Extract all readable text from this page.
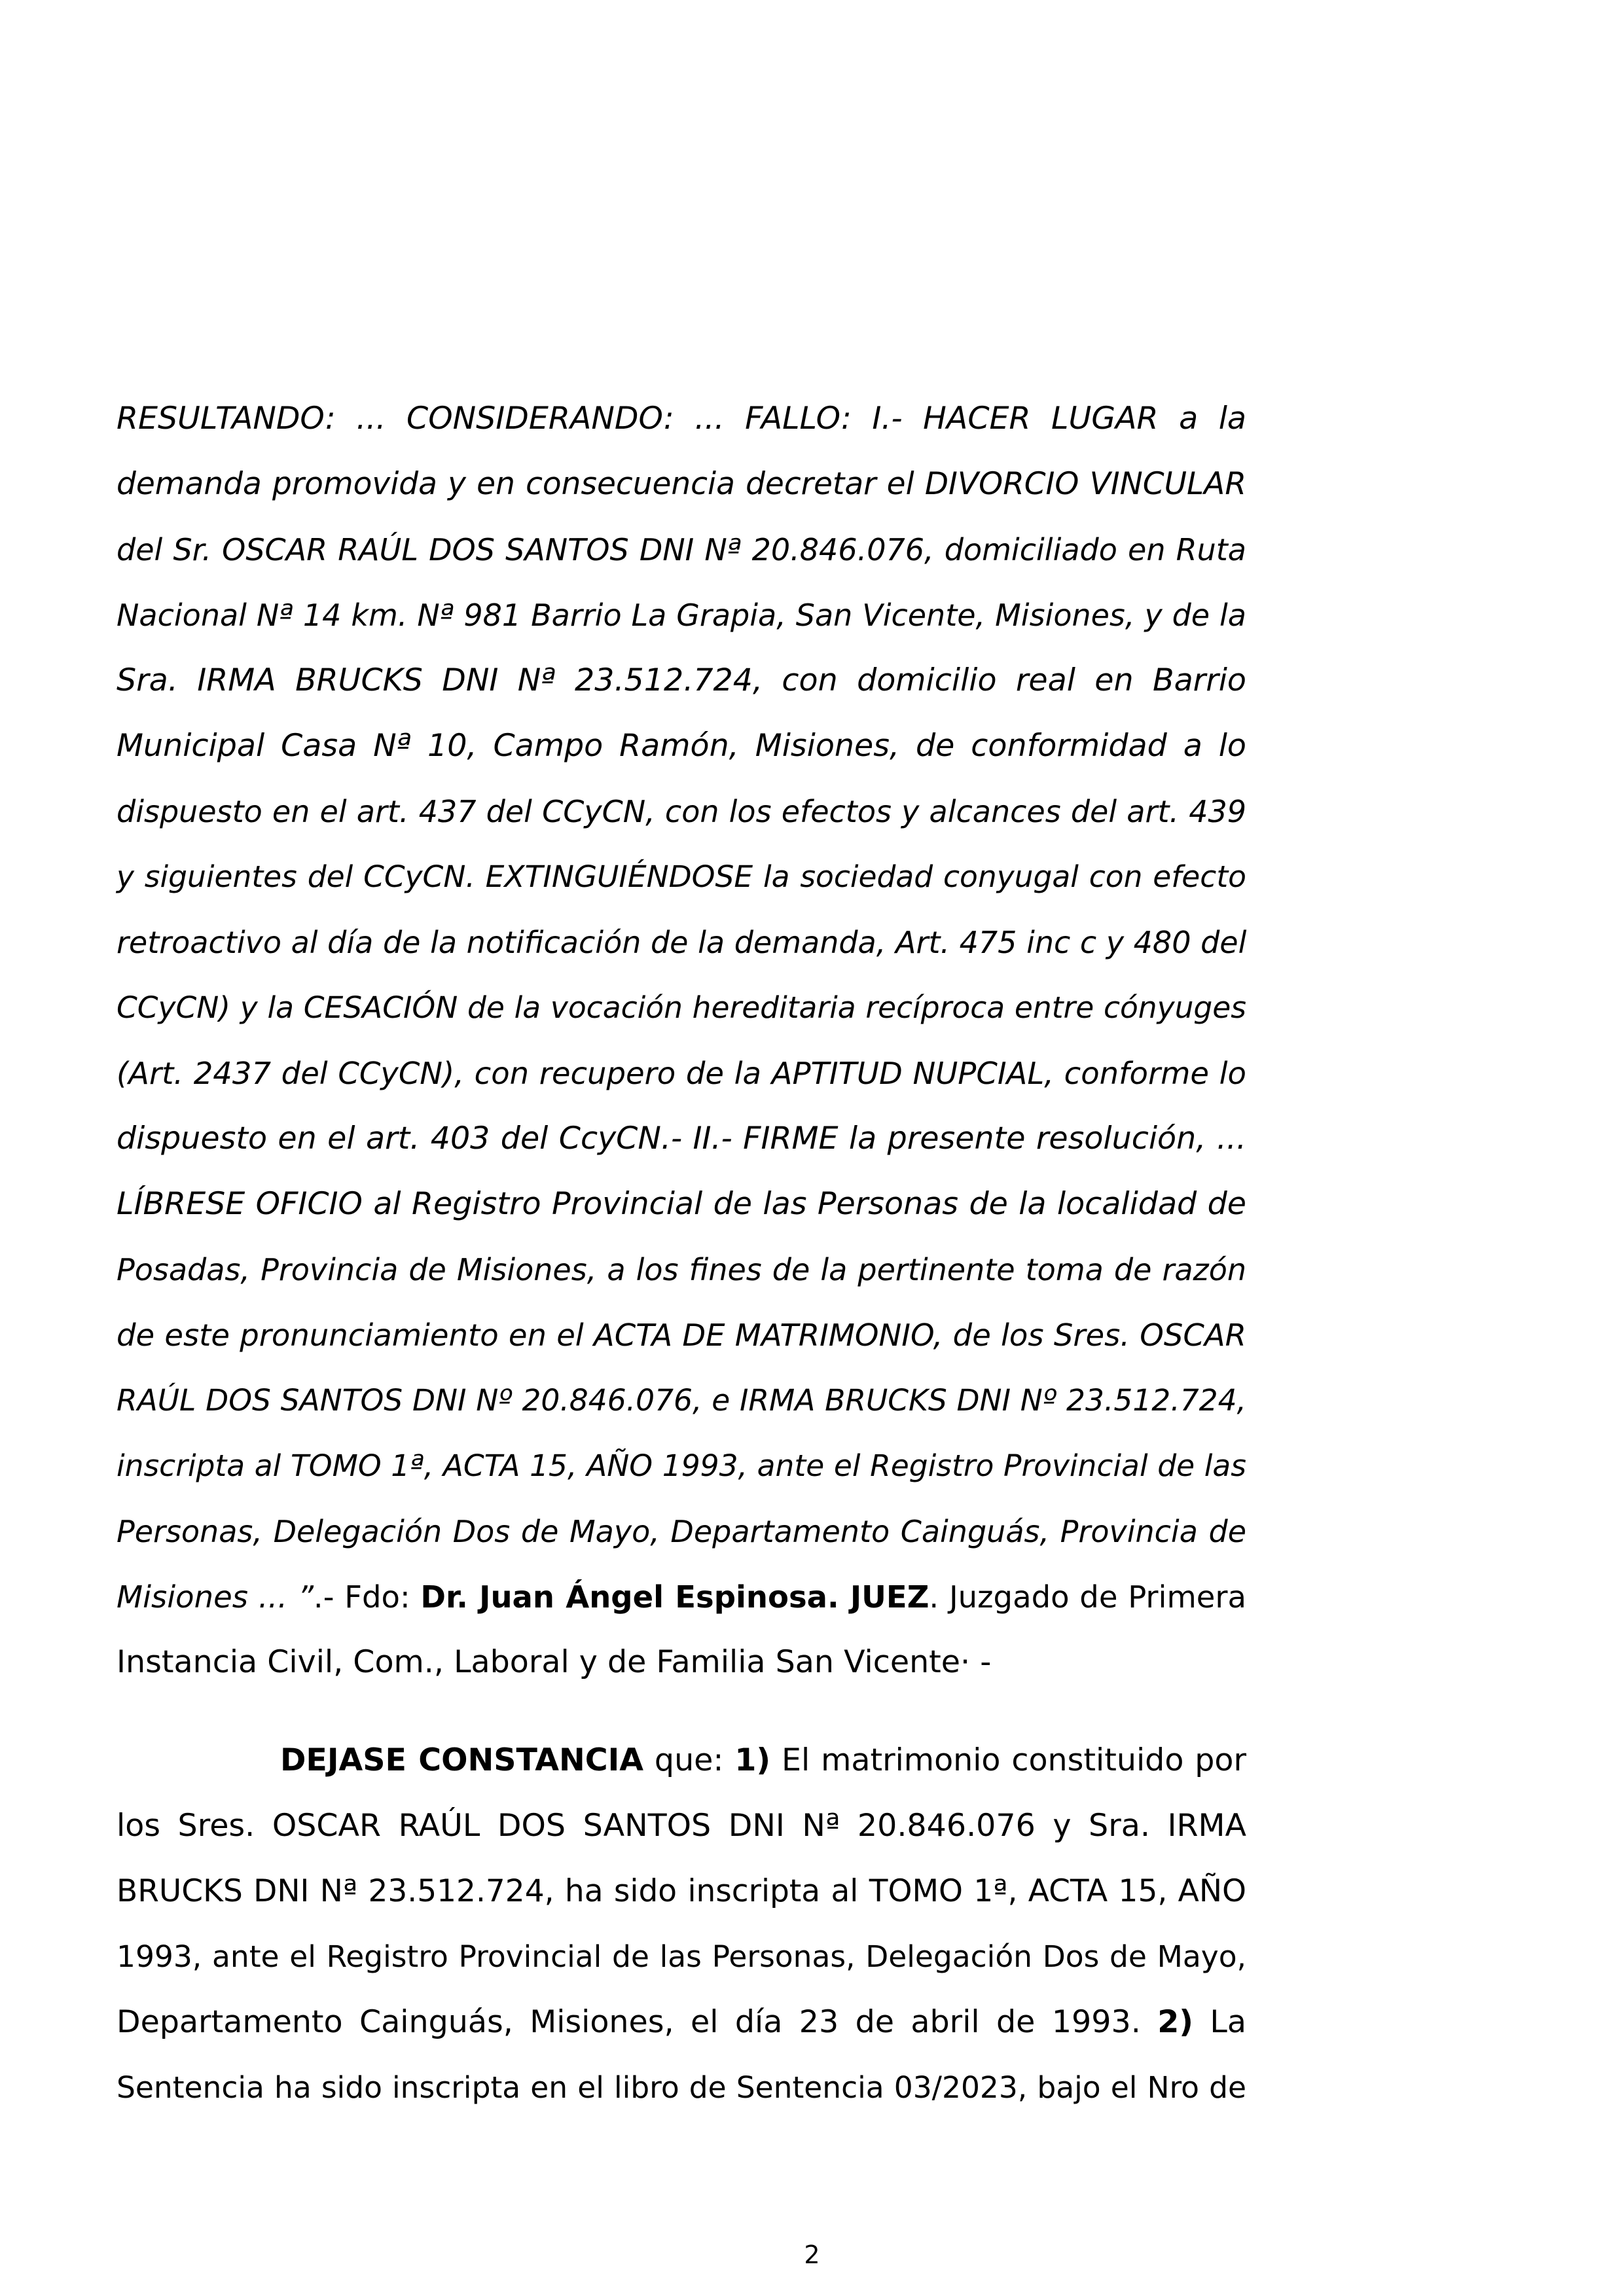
RESULTANDO: ... CONSIDERANDO: ... FALLO: I.- HACER LUGAR a la
demanda promovida y en consecuencia decretar el DIVORCIO VINCULAR
del Sr. OSCAR RAÚL DOS SANTOS DNI Nª 20.846.076, domiciliado en Ruta
Nacional Nª 14 km. Nª 981 Barrio La Grapia, San Vicente, Misiones, y de la
Sra. IRMA BRUCKS DNI Nª 23.512.724, con domicilio real en Barrio
Municipal Casa Nª 10, Campo Ramón, Misiones, de conformidad a lo
dispuesto en el art. 437 del CCyCN, con los efectos y alcances del art. 439
y siguientes del CCyCN. EXTINGUIÉNDOSE la sociedad conyugal con efecto
retroactivo al día de la notificación de la demanda, Art. 475 inc c y 480 del
CCyCN) y la CESACIÓN de la vocación hereditaria recíproca entre cónyuges
(Art. 2437 del CCyCN), con recupero de la APTITUD NUPCIAL, conforme lo
dispuesto en el art. 403 del CcyCN.- II.- FIRME la presente resolución, ...
LÍBRESE OFICIO al Registro Provincial de las Personas de la localidad de
Posadas, Provincia de Misiones, a los fines de la pertinente toma de razón
de este pronunciamiento en el ACTA DE MATRIMONIO, de los Sres. OSCAR
RAÚL DOS SANTOS DNI Nº 20.846.076, e IRMA BRUCKS DNI Nº 23.512.724,
inscripta al TOMO 1ª, ACTA 15, AÑO 1993, ante el Registro Provincial de las
Personas, Delegación Dos de Mayo, Departamento Cainguás, Provincia de
Misiones ... ”.- Fdo: Dr. Juan Ángel Espinosa. JUEZ. Juzgado de Primera
Instancia Civil, Com., Laboral y de Familia San Vicente· -
DEJASE CONSTANCIA que: 1) El matrimonio constituido por
los Sres. OSCAR RAÚL DOS SANTOS DNI Nª 20.846.076 y Sra. IRMA
BRUCKS DNI Nª 23.512.724, ha sido inscripta al TOMO 1ª, ACTA 15, AÑO
1993, ante el Registro Provincial de las Personas, Delegación Dos de Mayo,
Departamento Cainguás, Misiones, el día 23 de abril de 1993. 2) La
Sentencia ha sido inscripta en el libro de Sentencia 03/2023, bajo el Nro de
2
